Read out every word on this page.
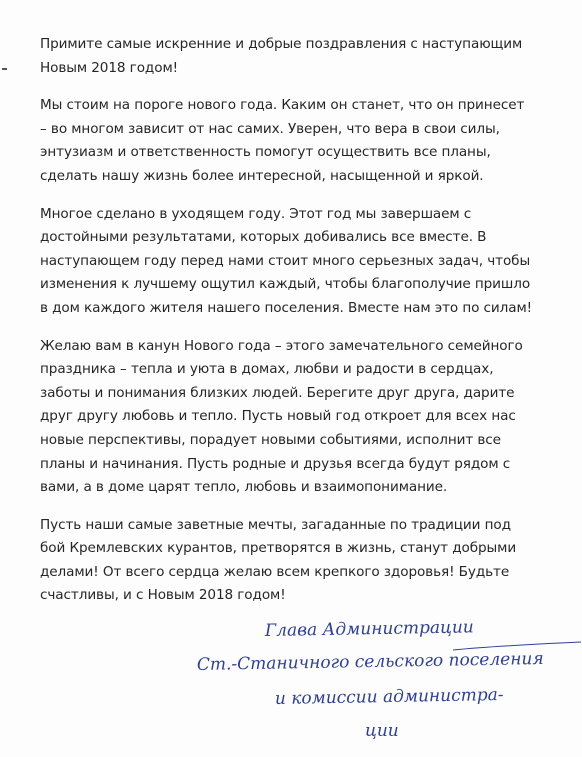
Примите самые искренние и добрые поздравления с наступающим
Новым 2018 годом!

Мы стоим на пороге нового года. Каким он станет, что он принесет
– во многом зависит от нас самих. Уверен, что вера в свои силы,
энтузиазм и ответственность помогут осуществить все планы,
сделать нашу жизнь более интересной, насыщенной и яркой.

Многое сделано в уходящем году. Этот год мы завершаем с
достойными результатами, которых добивались все вместе. В
наступающем году перед нами стоит много серьезных задач, чтобы
изменения к лучшему ощутил каждый, чтобы благополучие пришло
в дом каждого жителя нашего поселения. Вместе нам это по силам!

Желаю вам в канун Нового года – этого замечательного семейного
праздника – тепла и уюта в домах, любви и радости в сердцах,
заботы и понимания близких людей. Берегите друг друга, дарите
друг другу любовь и тепло. Пусть новый год откроет для всех нас
новые перспективы, порадует новыми событиями, исполнит все
планы и начинания. Пусть родные и друзья всегда будут рядом с
вами, а в доме царят тепло, любовь и взаимопонимание.

Пусть наши самые заветные мечты, загаданные по традиции под
бой Кремлевских курантов, претворятся в жизнь, станут добрыми
делами! От всего сердца желаю всем крепкого здоровья! Будьте
счастливы, и с Новым 2018 годом!

Глава Администрации
Ст.-Станичного сельского поселения
и комиссии администра-
ции
